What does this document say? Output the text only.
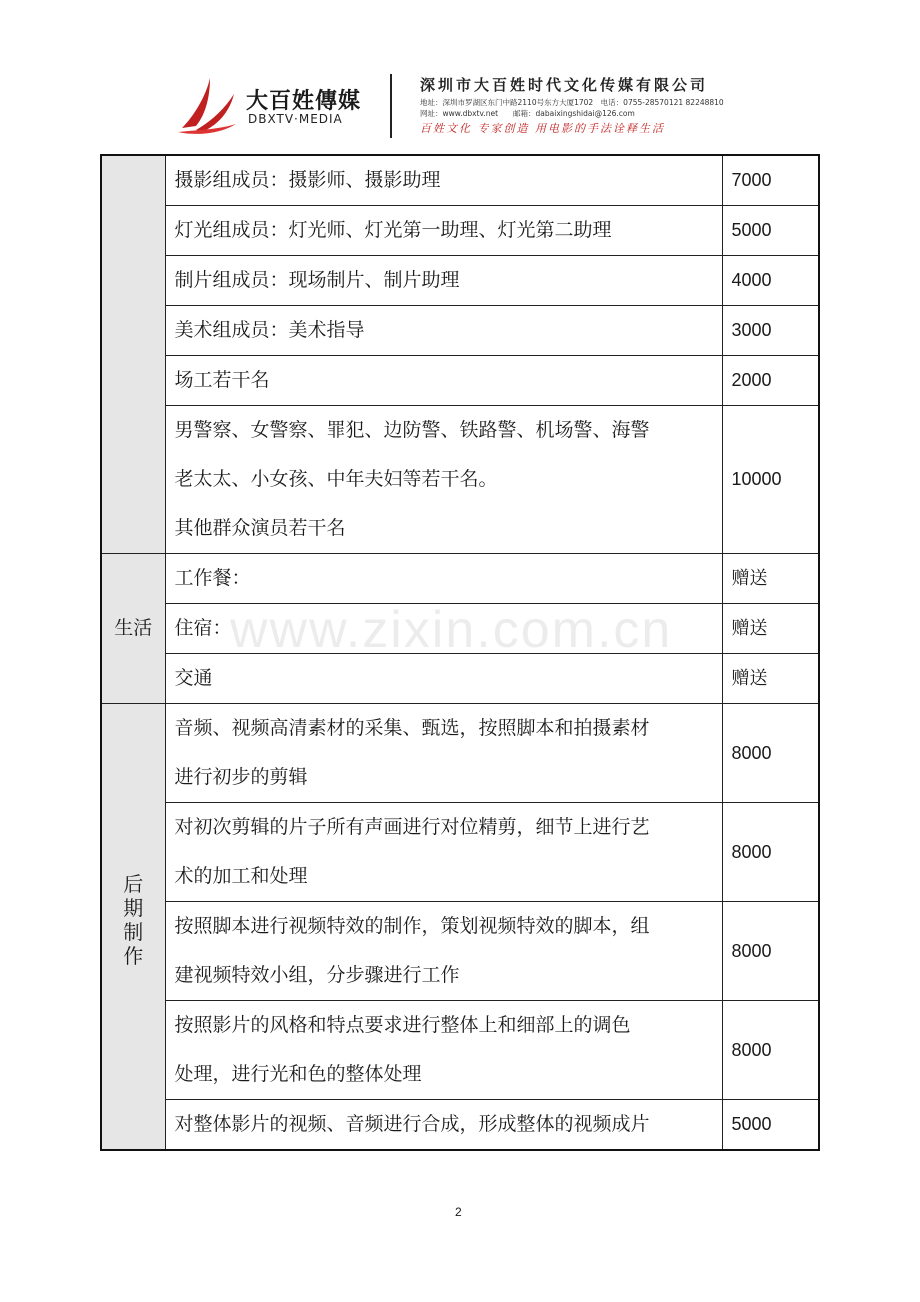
大百姓傳媒
DBXTV·MEDIA
深圳市大百姓时代文化传媒有限公司
地址：深圳市罗湖区东门中路2110号东方大厦1702　电话：0755-28570121 82248810
网址：www.dbxtv.net　　邮箱：dabaixingshidai@126.com
百姓文化 专家创造 用电影的手法诠释生活

	摄影组成员：摄影师、摄影助理	7000

	灯光组成员：灯光师、灯光第一助理、灯光第二助理	5000

	制片组成员：现场制片、制片助理	4000

	美术组成员：美术指导	3000

	场工若干名	2000

	男警察、女警察、罪犯、边防警、铁路警、机场警、海警
老太太、小女孩、中年夫妇等若干名。
其他群众演员若干名	10000
生活	工作餐：	赠送
	住宿：	赠送
	交通	赠送
后期制作	音频、视频高清素材的采集、甄选，按照脚本和拍摄素材
进行初步的剪辑	8000

	对初次剪辑的片子所有声画进行对位精剪，细节上进行艺
术的加工和处理	8000

	按照脚本进行视频特效的制作，策划视频特效的脚本，组
建视频特效小组，分步骤进行工作	8000

	按照影片的风格和特点要求进行整体上和细部上的调色
处理，进行光和色的整体处理	8000

	对整体影片的视频、音频进行合成，形成整体的视频成片	5000
www.zixin.com.cn
2
